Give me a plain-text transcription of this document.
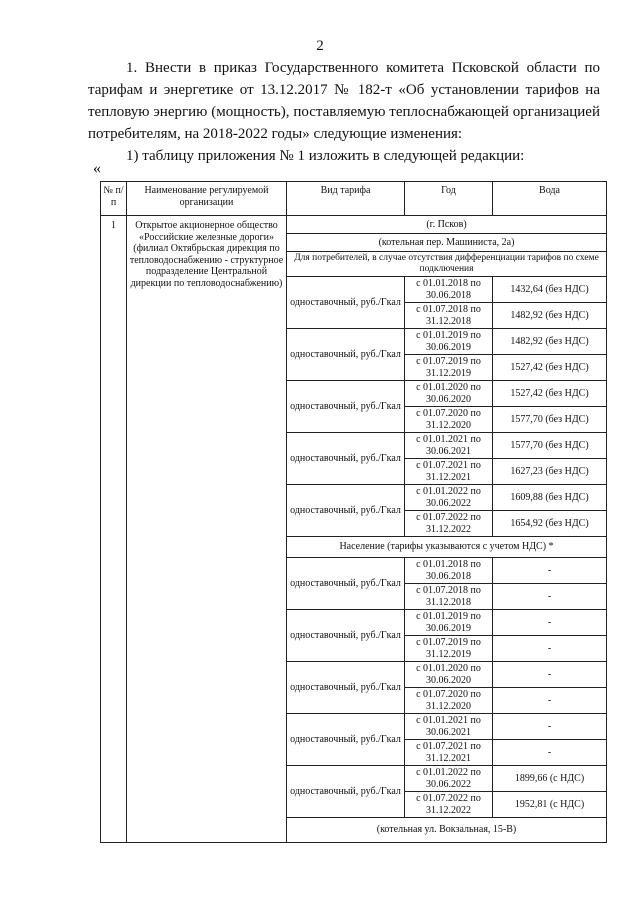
2

1. Внести в приказ Государственного комитета Псковской области по тарифам и энергетике от 13.12.2017 № 182-т «Об установлении тарифов на тепловую энергию (мощность), поставляемую теплоснабжающей организацией потребителям, на 2018-2022 годы» следующие изменения:

1) таблицу приложения № 1 изложить в следующей редакции:

«
№ п/п	Наименование регулируемой организации	Вид тарифа	Год	Вода
1	Открытое акционерное общество «Российские железные дороги» (филиал Октябрьская дирекция по тепловодоснабжению - структурное подразделение Центральной дирекции по тепловодоснабжению)	(г. Псков)		
		(котельная пер. Машиниста, 2а)		
		Для потребителей, в случае отсутствия дифференциации тарифов по схеме подключения		
		одноставочный, руб./Гкал	с 01.01.2018 по 30.06.2018	1432,64 (без НДС)
			с 01.07.2018 по 31.12.2018	1482,92 (без НДС)
		одноставочный, руб./Гкал	с 01.01.2019 по 30.06.2019	1482,92 (без НДС)
			с 01.07.2019 по 31.12.2019	1527,42 (без НДС)
		одноставочный, руб./Гкал	с 01.01.2020 по 30.06.2020	1527,42 (без НДС)
			с 01.07.2020 по 31.12.2020	1577,70 (без НДС)
		одноставочный, руб./Гкал	с 01.01.2021 по 30.06.2021	1577,70 (без НДС)
			с 01.07.2021 по 31.12.2021	1627,23 (без НДС)
		одноставочный, руб./Гкал	с 01.01.2022 по 30.06.2022	1609,88 (без НДС)
			с 01.07.2022 по 31.12.2022	1654,92 (без НДС)
		Население (тарифы указываются с учетом НДС) *		
		одноставочный, руб./Гкал	с 01.01.2018 по 30.06.2018	-
			с 01.07.2018 по 31.12.2018	-
		одноставочный, руб./Гкал	с 01.01.2019 по 30.06.2019	-
			с 01.07.2019 по 31.12.2019	-
		одноставочный, руб./Гкал	с 01.01.2020 по 30.06.2020	-
			с 01.07.2020 по 31.12.2020	-
		одноставочный, руб./Гкал	с 01.01.2021 по 30.06.2021	-
			с 01.07.2021 по 31.12.2021	-
		одноставочный, руб./Гкал	с 01.01.2022 по 30.06.2022	1899,66 (с НДС)
			с 01.07.2022 по 31.12.2022	1952,81 (с НДС)
		(котельная ул. Вокзальная, 15-В)		
